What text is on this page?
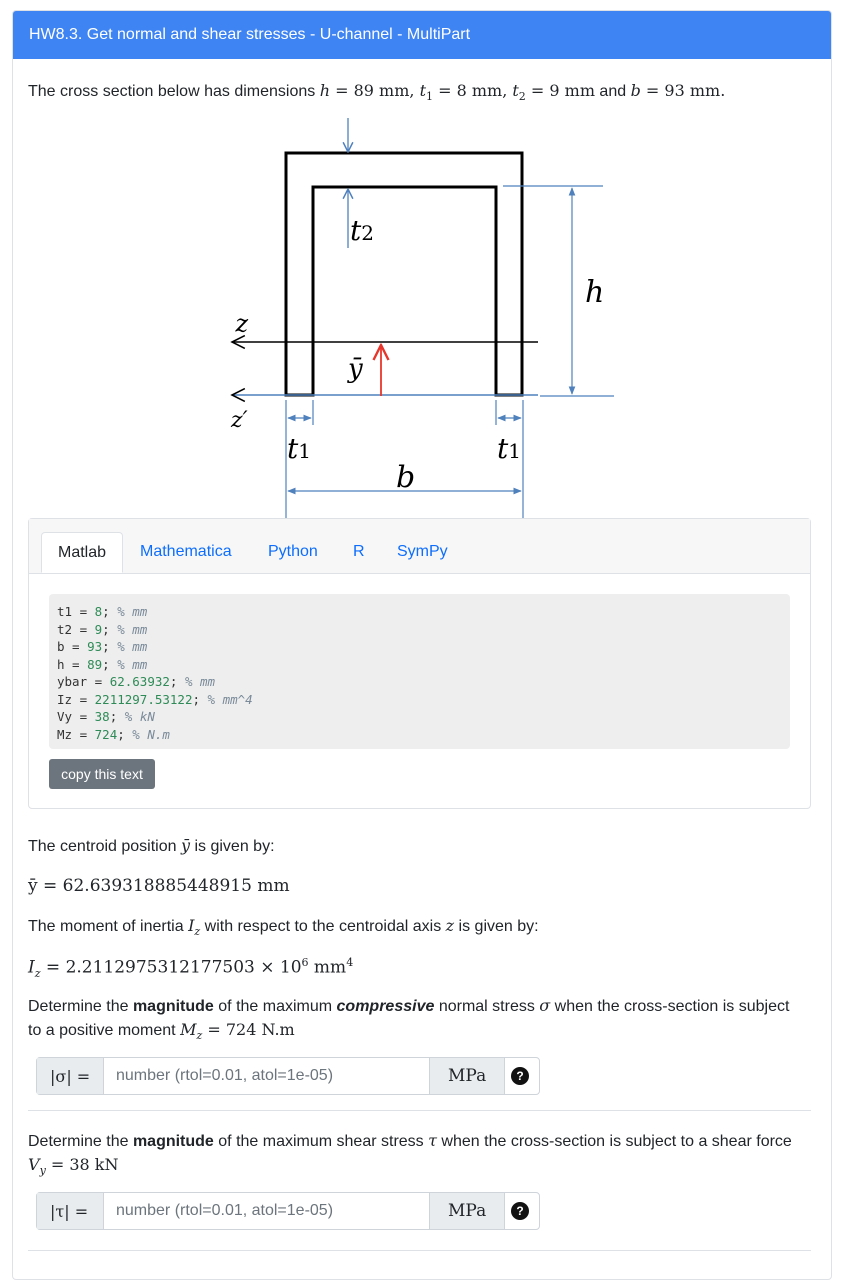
HW8.3. Get normal and shear stresses - U-channel - MultiPart
The cross section below has dimensions h = 89 mm, $t_1 = 8$ mm, $t_2 = 9$ mm and b = 93 mm.
t2
h
z
z′
ȳ
t1	t1
b
Matlab	Mathematica Python R SymPy
t1 = 8; % mm
t2 = 9; % mm
b = 93; % mm
h = 89; % mm
ybar = 62.63932; % mm
Iz = 2211297.53122; % mm^4
Vy = 38; % kN
Mz = 724; % N.m
copy this text
The centroid position ȳ is given by:
ȳ = 62.639318885448915 mm
The moment of inertia $I_z$ with respect to the centroidal axis z is given by:
$I_z = 2.2112975312177503 \times 10^6$ $mm^4$
Determine the magnitude of the maximum compressive normal stress σ when the cross-section is subject
to a positive moment $M_z = 724$ N.m
|σ| =
number (rtol=0.01, atol=1e-05)	MPa	?
Determine the magnitude of the maximum shear stress τ when the cross-section is subject to a shear force
$V_y = 38$ kN
|τ| =
number (rtol=0.01, atol=1e-05)	MPa	?
